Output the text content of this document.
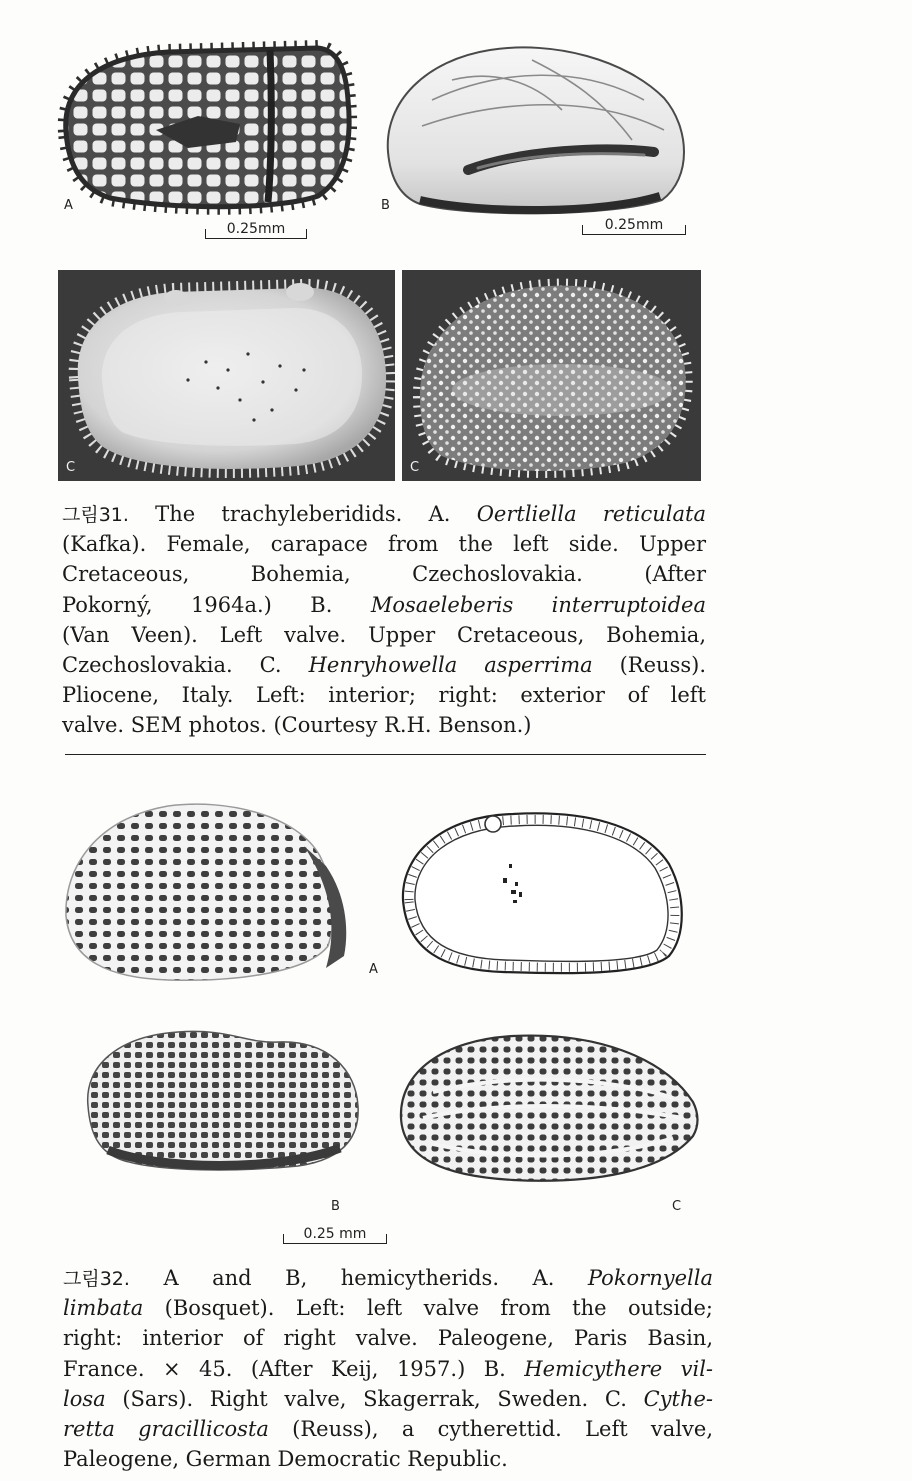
A
0.25mm
B
0.25mm
C	C
그림31. The trachyleberidids. A. Oertliella reticulata
(Kafka). Female, carapace from the left side. Upper
Cretaceous, Bohemia, Czechoslovakia. (After
Pokorný, 1964a.) B. Mosaeleberis interruptoidea
(Van Veen). Left valve. Upper Cretaceous, Bohemia,
Czechoslovakia. C. Henryhowella asperrima (Reuss).
Pliocene, Italy. Left: interior; right: exterior of left
valve. SEM photos. (Courtesy R.H. Benson.)
A
B	C
0.25 mm
그림32. A and B, hemicytherids. A. Pokornyella
limbata (Bosquet). Left: left valve from the outside;
right: interior of right valve. Paleogene, Paris Basin,
France. × 45. (After Keij, 1957.) B. Hemicythere vil-
losa (Sars). Right valve, Skagerrak, Sweden. C. Cythe-
retta gracillicosta (Reuss), a cytherettid. Left valve,
Paleogene, German Democratic Republic.
